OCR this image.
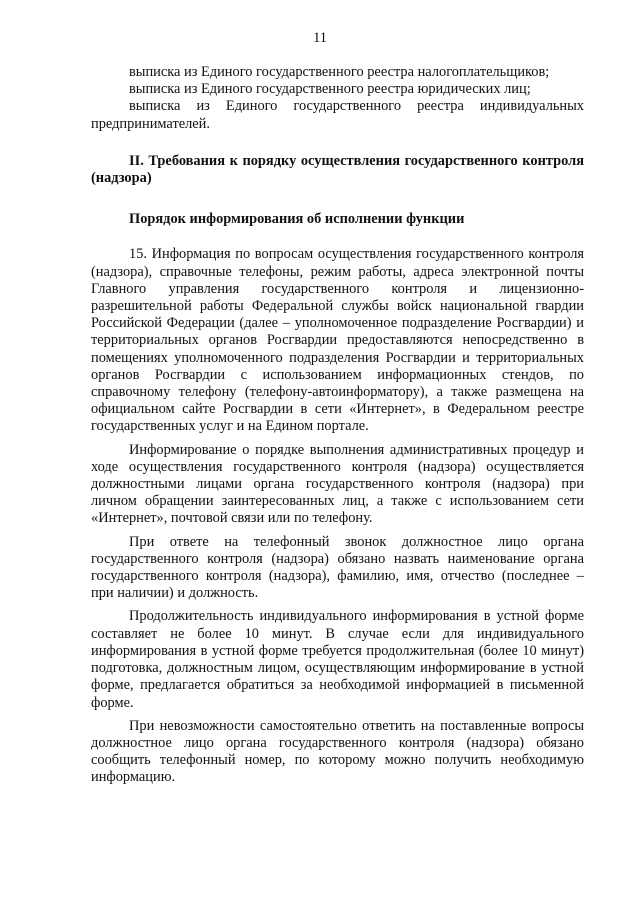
11

выписка из Единого государственного реестра налогоплательщиков;

выписка из Единого государственного реестра юридических лиц;

выписка из Единого государственного реестра индивидуальных предпринимателей.

II. Требования к порядку осуществления государственного контроля (надзора)

Порядок информирования об исполнении функции

15. Информация по вопросам осуществления государственного контроля (надзора), справочные телефоны, режим работы, адреса электронной почты Главного управления государственного контроля и лицензионно-разрешительной работы Федеральной службы войск национальной гвардии Российской Федерации (далее – уполномоченное подразделение Росгвардии) и территориальных органов Росгвардии предоставляются непосредственно в помещениях уполномоченного подразделения Росгвардии и территориальных органов Росгвардии с использованием информационных стендов, по справочному телефону (телефону-автоинформатору), а также размещена на официальном сайте Росгвардии в сети «Интернет», в Федеральном реестре государственных услуг и на Едином портале.

Информирование о порядке выполнения административных процедур и ходе осуществления государственного контроля (надзора) осуществляется должностными лицами органа государственного контроля (надзора) при личном обращении заинтересованных лиц, а также с использованием сети «Интернет», почтовой связи или по телефону.

При ответе на телефонный звонок должностное лицо органа государственного контроля (надзора) обязано назвать наименование органа государственного контроля (надзора), фамилию, имя, отчество (последнее – при наличии) и должность.

Продолжительность индивидуального информирования в устной форме составляет не более 10 минут. В случае если для индивидуального информирования в устной форме требуется продолжительная (более 10 минут) подготовка, должностным лицом, осуществляющим информирование в устной форме, предлагается обратиться за необходимой информацией в письменной форме.

При невозможности самостоятельно ответить на поставленные вопросы должностное лицо органа государственного контроля (надзора) обязано сообщить телефонный номер, по которому можно получить необходимую информацию.
